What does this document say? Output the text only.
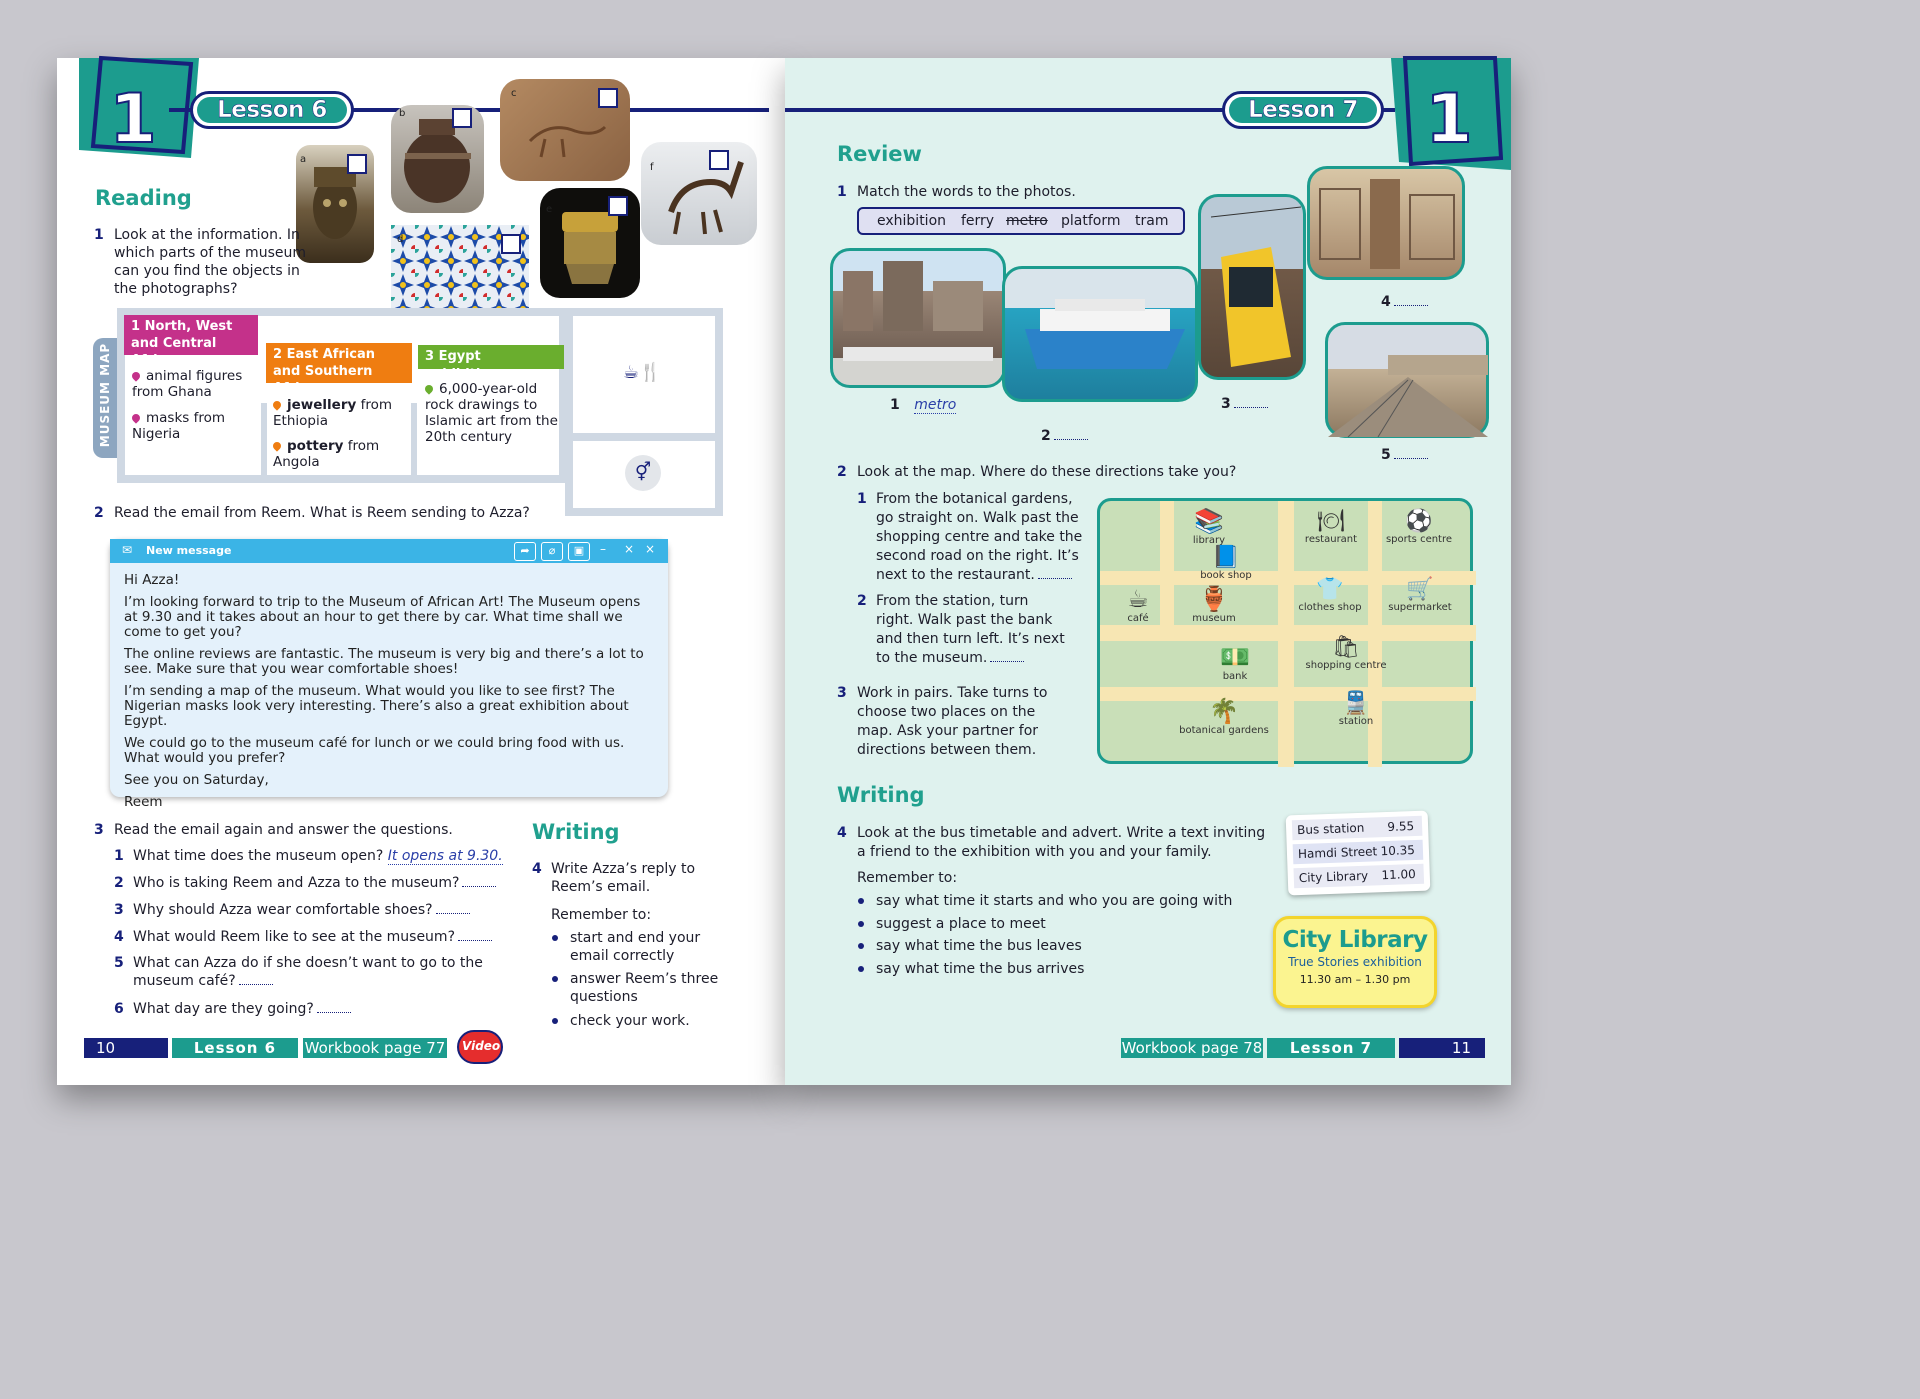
1	Lesson 6
a
b
c
d
e
f
Reading
1 Look at the information. In which parts of the museum can you find the objects in the photographs?
MUSEUM MAP
1 North, West and Central Africa
animal figures from Ghana
masks from Nigeria
2 East African and Southern Africa
jewellery from Ethiopia
pottery from Angola
3 Egypt exhibition
6,000-year-old rock drawings to Islamic art from the 20th century
☕🍴
⚥
2 Read the email from Reem. What is Reem sending to Azza?
✉ New message	➦	⌀	▣	– × ×
Hi Azza!
I’m looking forward to trip to the Museum of African Art! The Museum opens at 9.30 and it takes about an hour to get there by car. What time shall we come to get you?
The online reviews are fantastic. The museum is very big and there’s a lot to see. Make sure that you wear comfortable shoes!
I’m sending a map of the museum. What would you like to see first? The Nigerian masks look very interesting. There’s also a great exhibition about Egypt.
We could go to the museum café for lunch or we could bring food with us. What would you prefer?
See you on Saturday,
Reem
3 Read the email again and answer the questions.
1 What time does the museum open? It opens at 9.30.
2 Who is taking Reem and Azza to the museum?
3 Why should Azza wear comfortable shoes?
4 What would Reem like to see at the museum?
5 What can Azza do if she doesn’t want to go to the museum café?
6 What day are they going?
Writing
4 Write Azza’s reply to Reem’s email.
Remember to:
start and end your email correctly
answer Reem’s three questions
check your work.
10	Lesson 6	Workbook page 77 Video
Lesson 7 1
Review
1 Match the words to the photos.
exhibition ferry metro platform tram
1 metro
2
3
4
5
2 Look at the map. Where do these directions take you?
1 From the botanical gardens, go straight on. Walk past the shopping centre and take the second road on the right. It’s next to the restaurant.
2 From the station, turn right. Walk past the bank and then turn left. It’s next to the museum.
3 Work in pairs. Take turns to choose two places on the map. Ask your partner for directions between them.
📚
library
📘
book shop
☕
café
🏺
museum
💵
bank
🌴
botanical gardens
🍽
restaurant
⚽
sports centre
👕
clothes shop
🛒
supermarket
🛍
shopping centre
🚆
station
Writing
4 Look at the bus timetable and advert. Write a text inviting a friend to the exhibition with you and your family.
Remember to:
say what time it starts and who you are going with
suggest a place to meet
say what time the bus leaves
say what time the bus arrives
Bus station 9.55
Hamdi Street 10.35
City Library 11.00
City Library
True Stories exhibition
11.30 am – 1.30 pm
Workbook page 78	Lesson 7	11
